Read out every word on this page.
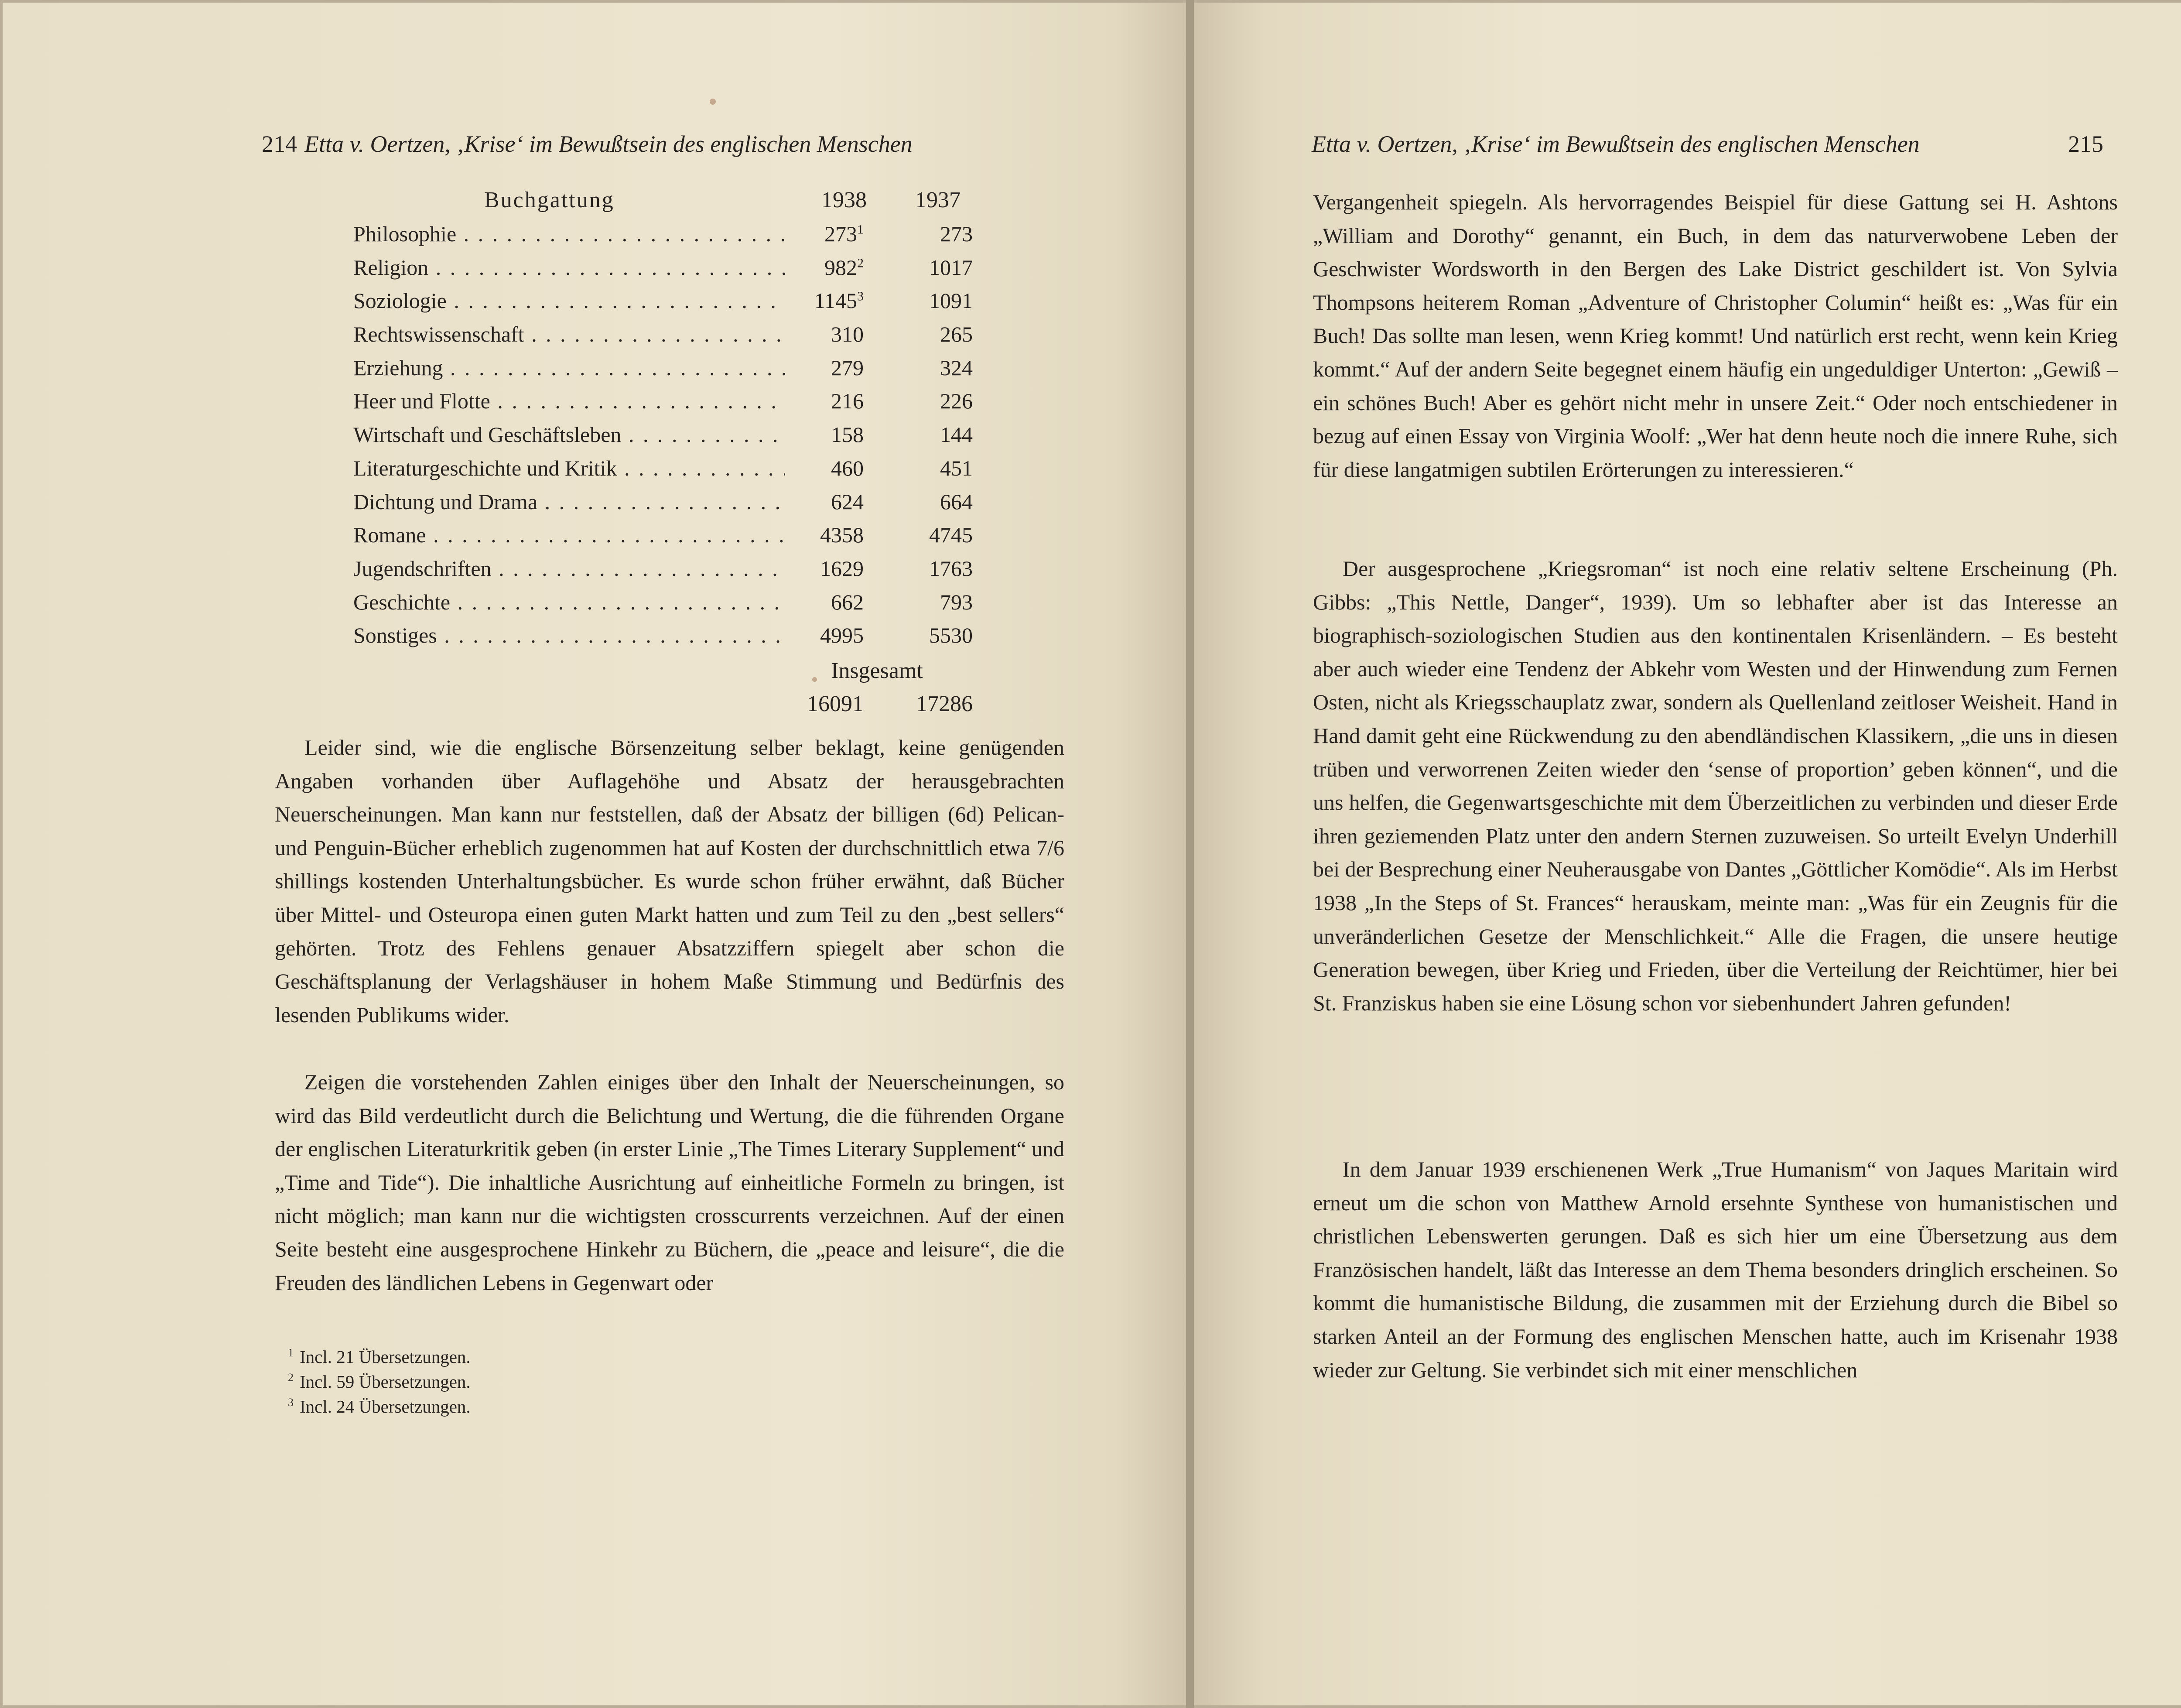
214 Etta v. Oertzen, ‚Krise‘ im Bewußtsein des englischen Menschen
Buchgattung	1938	1937
Philosophie . . .	$273^1$	273
Religion . . .	$982^2$	1017
Soziologie . . .	1145$^3$	1091
Rechtswissenschaft . . .	310	265
Erziehung . . .	279	324
Heer und Flotte . . .	216	226
Wirtschaft und Geschäftsleben . . .	158	144
Literaturgeschichte und Kritik . . .	460	451
Dichtung und Drama . . .	624	664
Romane . . .	4358	4745
Jugendschriften . . .	1629	1763
Geschichte . . .	662	793
Sonstiges . . .	4995	5530
Insgesamt
16091	17286

Leider sind, wie die englische Börsenzeitung selber beklagt, keine genügenden Angaben vorhanden über Auflagehöhe und Absatz der herausgebrachten Neuerscheinungen. Man kann nur feststellen, daß der Absatz der billigen (6d) Pelican- und Penguin-Bücher erheblich zugenommen hat auf Kosten der durchschnittlich etwa 7/6 shillings kostenden Unterhaltungsbücher. Es wurde schon früher erwähnt, daß Bücher über Mittel- und Osteuropa einen guten Markt hatten und zum Teil zu den „best sellers“ gehörten. Trotz des Fehlens genauer Absatzziffern spiegelt aber schon die Geschäftsplanung der Verlagshäuser in hohem Maße Stimmung und Bedürfnis des lesenden Publikums wider.

Zeigen die vorstehenden Zahlen einiges über den Inhalt der Neuerscheinungen, so wird das Bild verdeutlicht durch die Belichtung und Wertung, die die führenden Organe der englischen Literaturkritik geben (in erster Linie „The Times Literary Supplement“ und „Time and Tide“). Die inhaltliche Ausrichtung auf einheitliche Formeln zu bringen, ist nicht möglich; man kann nur die wichtigsten crosscurrents verzeichnen. Auf der einen Seite besteht eine ausgesprochene Hinkehr zu Büchern, die „peace and leisure“, die die Freuden des ländlichen Lebens in Gegenwart oder

$^1$ Incl. 21 Übersetzungen.
$^2$ Incl. 59 Übersetzungen.
$^3$ Incl. 24 Übersetzungen.
Etta v. Oertzen, ‚Krise‘ im Bewußtsein des englischen Menschen	215

Vergangenheit spiegeln. Als hervorragendes Beispiel für diese Gattung sei H. Ashtons „William and Dorothy“ genannt, ein Buch, in dem das naturverwobene Leben der Geschwister Wordsworth in den Bergen des Lake District geschildert ist. Von Sylvia Thompsons heiterem Roman „Adventure of Christopher Columin“ heißt es: „Was für ein Buch! Das sollte man lesen, wenn Krieg kommt! Und natürlich erst recht, wenn kein Krieg kommt.“ Auf der andern Seite begegnet einem häufig ein ungeduldiger Unterton: „Gewiß – ein schönes Buch! Aber es gehört nicht mehr in unsere Zeit.“ Oder noch entschiedener in bezug auf einen Essay von Virginia Woolf: „Wer hat denn heute noch die innere Ruhe, sich für diese langatmigen subtilen Erörterungen zu interessieren.“

Der ausgesprochene „Kriegsroman“ ist noch eine relativ seltene Erscheinung (Ph. Gibbs: „This Nettle, Danger“, 1939). Um so lebhafter aber ist das Interesse an biographisch-soziologischen Studien aus den kontinentalen Krisenländern. – Es besteht aber auch wieder eine Tendenz der Abkehr vom Westen und der Hinwendung zum Fernen Osten, nicht als Kriegsschauplatz zwar, sondern als Quellenland zeitloser Weisheit. Hand in Hand damit geht eine Rückwendung zu den abendländischen Klassikern, „die uns in diesen trüben und verworrenen Zeiten wieder den ‘sense of proportion’ geben können“, und die uns helfen, die Gegenwartsgeschichte mit dem Überzeitlichen zu verbinden und dieser Erde ihren geziemenden Platz unter den andern Sternen zuzuweisen. So urteilt Evelyn Underhill bei der Besprechung einer Neuherausgabe von Dantes „Göttlicher Komödie“. Als im Herbst 1938 „In the Steps of St. Frances“ herauskam, meinte man: „Was für ein Zeugnis für die unveränderlichen Gesetze der Menschlichkeit.“ Alle die Fragen, die unsere heutige Generation bewegen, über Krieg und Frieden, über die Verteilung der Reichtümer, hier bei St. Franziskus haben sie eine Lösung schon vor siebenhundert Jahren gefunden!

In dem Januar 1939 erschienenen Werk „True Humanism“ von Jaques Maritain wird erneut um die schon von Matthew Arnold ersehnte Synthese von humanistischen und christlichen Lebenswerten gerungen. Daß es sich hier um eine Übersetzung aus dem Französischen handelt, läßt das Interesse an dem Thema besonders dringlich erscheinen. So kommt die humanistische Bildung, die zusammen mit der Erziehung durch die Bibel so starken Anteil an der Formung des englischen Menschen hatte, auch im Krisenahr 1938 wieder zur Geltung. Sie verbindet sich mit einer menschlichen
